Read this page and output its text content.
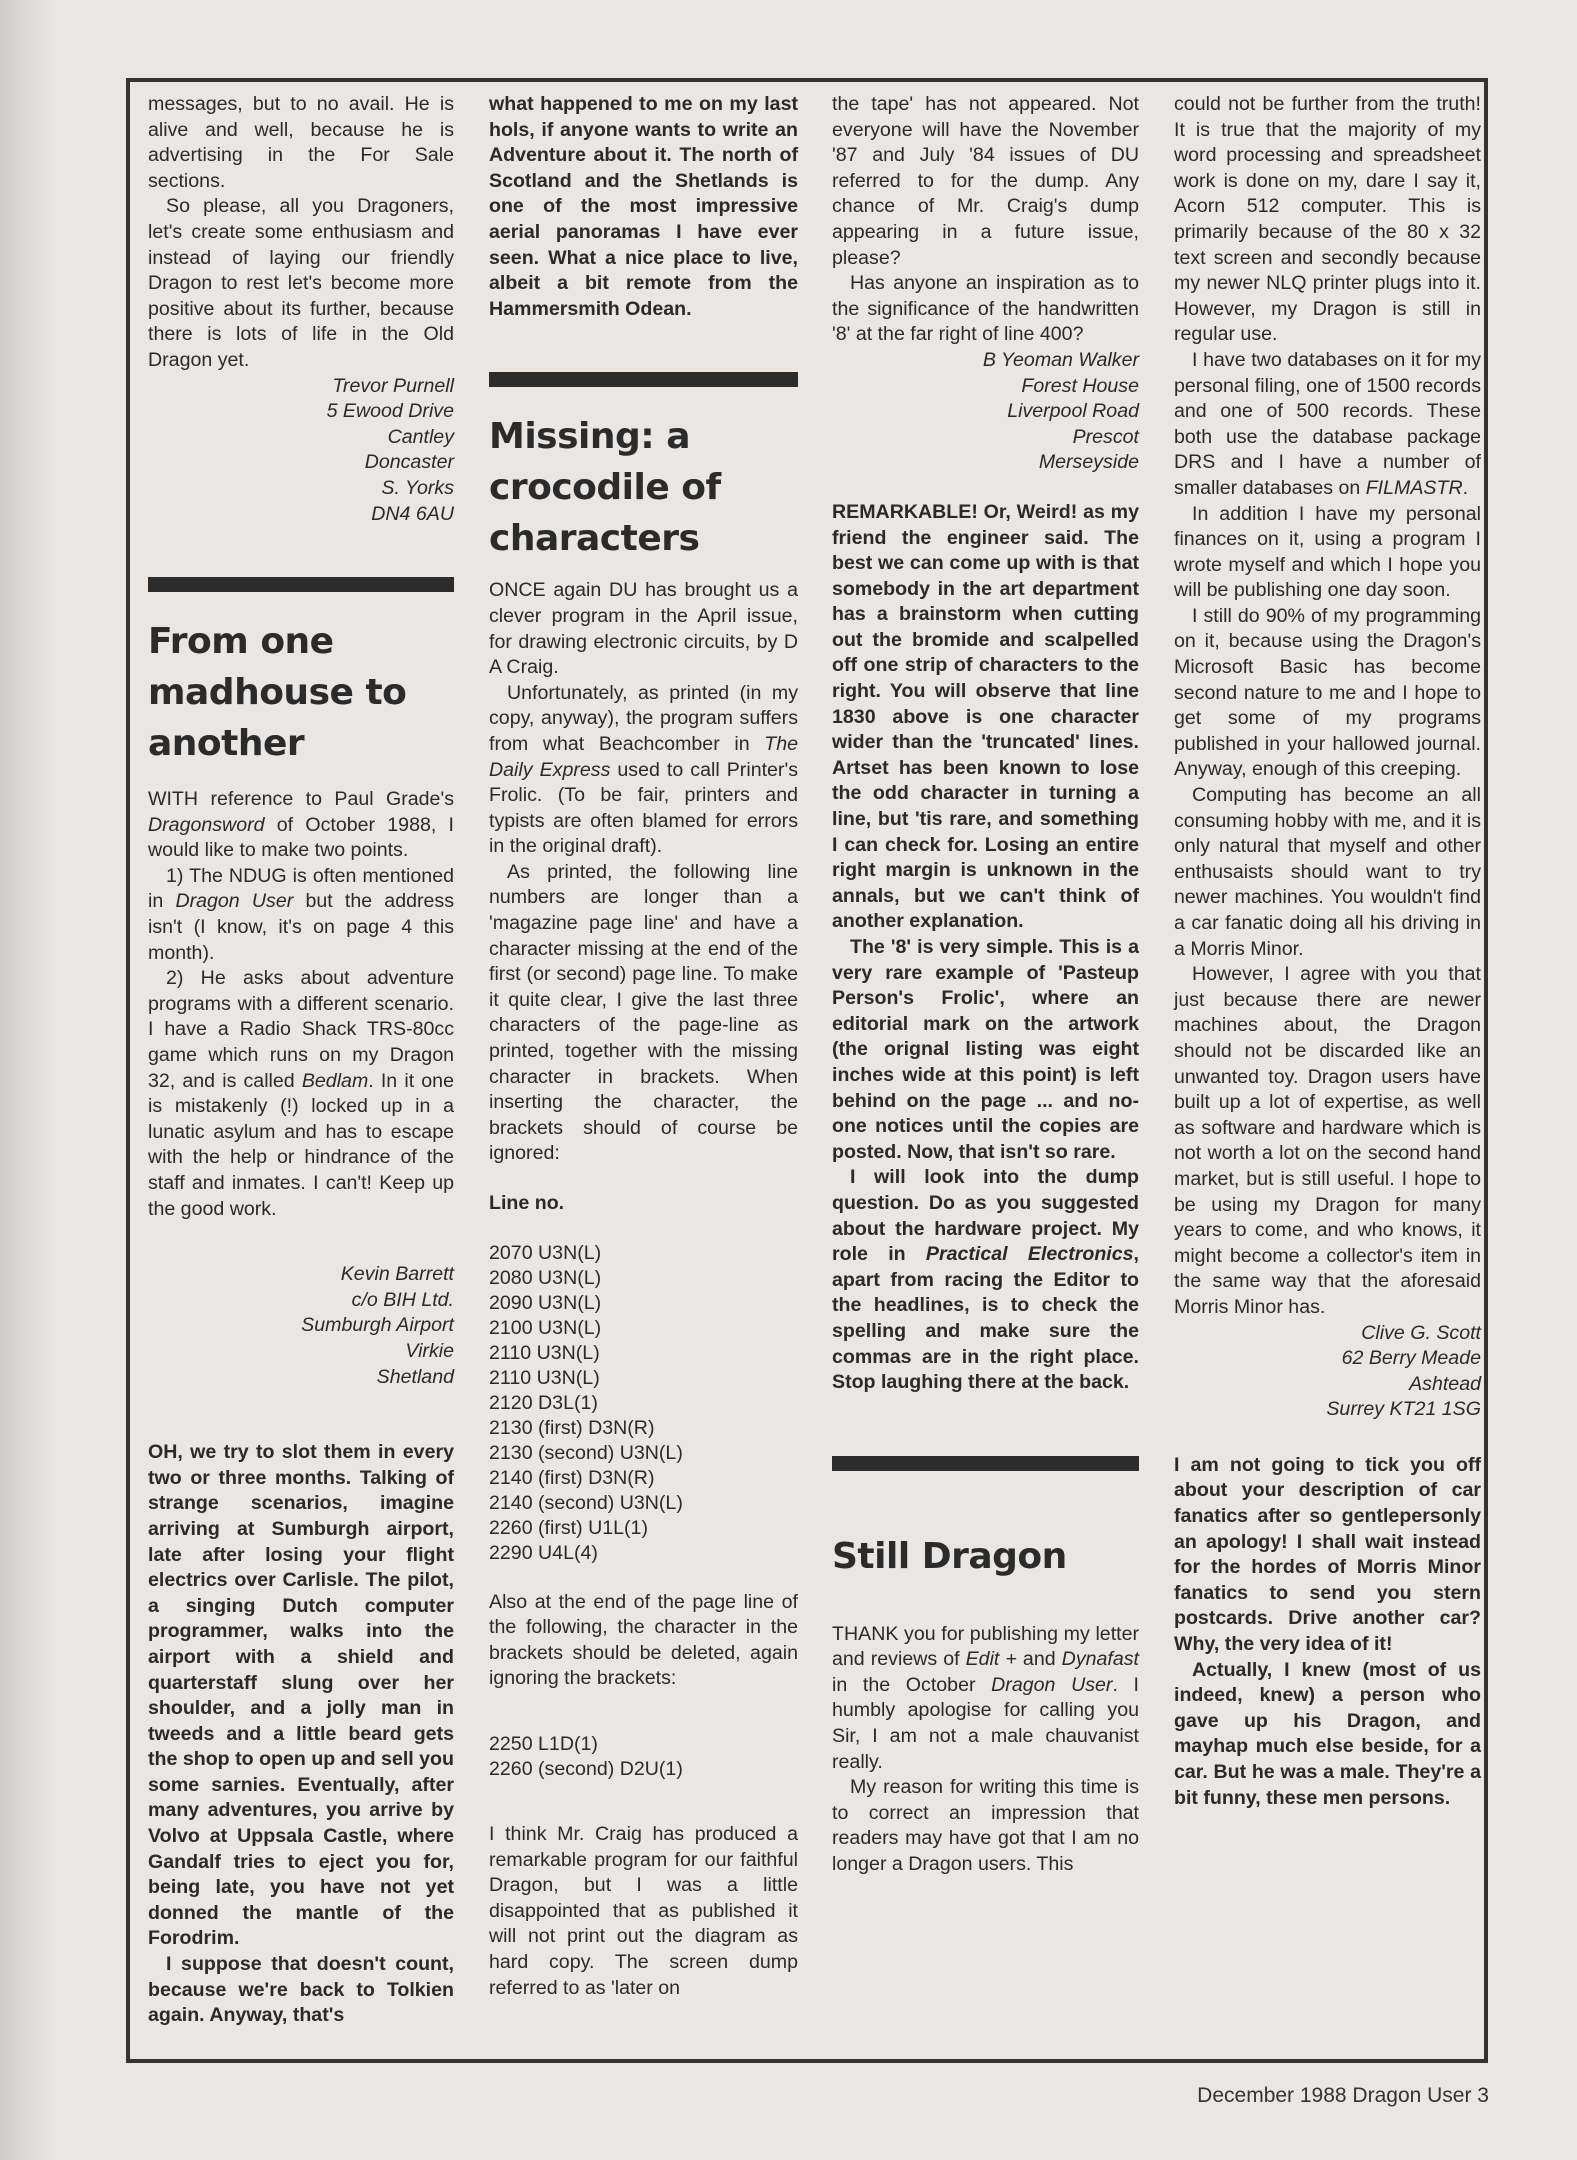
messages, but to no avail. He is alive and well, because he is advertising in the For Sale sections.

So please, all you Dragoners, let's create some enthusiasm and instead of laying our friendly Dragon to rest let's become more positive about its further, because there is lots of life in the Old Dragon yet.

Trevor Purnell
5 Ewood Drive
Cantley
Doncaster
S. Yorks
DN4 6AU
From one madhouse to another

WITH reference to Paul Grade's Dragonsword of October 1988, I would like to make two points.

1) The NDUG is often mentioned in Dragon User but the address isn't (I know, it's on page 4 this month).

2) He asks about adventure programs with a different scenario. I have a Radio Shack TRS-80cc game which runs on my Dragon 32, and is called Bedlam. In it one is mistakenly (!) locked up in a lunatic asylum and has to escape with the help or hindrance of the staff and inmates. I can't! Keep up the good work.

Kevin Barrett
c/o BIH Ltd.
Sumburgh Airport
Virkie
Shetland

OH, we try to slot them in every two or three months. Talking of strange scenarios, imagine arriving at Sumburgh airport, late after losing your flight electrics over Carlisle. The pilot, a singing Dutch computer programmer, walks into the airport with a shield and quarterstaff slung over her shoulder, and a jolly man in tweeds and a little beard gets the shop to open up and sell you some sarnies. Eventually, after many adventures, you arrive by Volvo at Uppsala Castle, where Gandalf tries to eject you for, being late, you have not yet donned the mantle of the Forodrim.

I suppose that doesn't count, because we're back to Tolkien again. Anyway, that's

what happened to me on my last hols, if anyone wants to write an Adventure about it. The north of Scotland and the Shetlands is one of the most impressive aerial panoramas I have ever seen. What a nice place to live, albeit a bit remote from the Hammersmith Odean.

Missing: a crocodile of characters

ONCE again DU has brought us a clever program in the April issue, for drawing electronic circuits, by D A Craig.

Unfortunately, as printed (in my copy, anyway), the program suffers from what Beachcomber in The Daily Express used to call Printer's Frolic. (To be fair, printers and typists are often blamed for errors in the original draft).

As printed, the following line numbers are longer than a 'magazine page line' and have a character missing at the end of the first (or second) page line. To make it quite clear, I give the last three characters of the page-line as printed, together with the missing character in brackets. When inserting the character, the brackets should of course be ignored:

Line no.
2070 U3N(L)
2080 U3N(L)
2090 U3N(L)
2100 U3N(L)
2110 U3N(L)
2110 U3N(L)
2120 D3L(1)
2130 (first) D3N(R)
2130 (second) U3N(L)
2140 (first) D3N(R)
2140 (second) U3N(L)
2260 (first) U1L(1)
2290 U4L(4)

Also at the end of the page line of the following, the character in the brackets should be deleted, again ignoring the brackets:

2250 L1D(1)
2260 (second) D2U(1)

I think Mr. Craig has produced a remarkable program for our faithful Dragon, but I was a little disappointed that as published it will not print out the diagram as hard copy. The screen dump referred to as 'later on

the tape' has not appeared. Not everyone will have the November '87 and July '84 issues of DU referred to for the dump. Any chance of Mr. Craig's dump appearing in a future issue, please?

Has anyone an inspiration as to the significance of the handwritten '8' at the far right of line 400?

B Yeoman Walker
Forest House
Liverpool Road
Prescot
Merseyside

REMARKABLE! Or, Weird! as my friend the engineer said. The best we can come up with is that somebody in the art department has a brainstorm when cutting out the bromide and scalpelled off one strip of characters to the right. You will observe that line 1830 above is one character wider than the 'truncated' lines. Artset has been known to lose the odd character in turning a line, but 'tis rare, and something I can check for. Losing an entire right margin is unknown in the annals, but we can't think of another explanation.

The '8' is very simple. This is a very rare example of 'Pasteup Person's Frolic', where an editorial mark on the artwork (the orignal listing was eight inches wide at this point) is left behind on the page ... and no-one notices until the copies are posted. Now, that isn't so rare.

I will look into the dump question. Do as you suggested about the hardware project. My role in Practical Electronics, apart from racing the Editor to the headlines, is to check the spelling and make sure the commas are in the right place. Stop laughing there at the back.

Still Dragon

THANK you for publishing my letter and reviews of Edit + and Dynafast in the October Dragon User. I humbly apologise for calling you Sir, I am not a male chauvanist really.

My reason for writing this time is to correct an impression that readers may have got that I am no longer a Dragon users. This

could not be further from the truth! It is true that the majority of my word processing and spreadsheet work is done on my, dare I say it, Acorn 512 computer. This is primarily because of the 80 x 32 text screen and secondly because my newer NLQ printer plugs into it. However, my Dragon is still in regular use.

I have two databases on it for my personal filing, one of 1500 records and one of 500 records. These both use the database package DRS and I have a number of smaller databases on FILMASTR.

In addition I have my personal finances on it, using a program I wrote myself and which I hope you will be publishing one day soon.

I still do 90% of my programming on it, because using the Dragon's Microsoft Basic has become second nature to me and I hope to get some of my programs published in your hallowed journal. Anyway, enough of this creeping.

Computing has become an all consuming hobby with me, and it is only natural that myself and other enthusaists should want to try newer machines. You wouldn't find a car fanatic doing all his driving in a Morris Minor.

However, I agree with you that just because there are newer machines about, the Dragon should not be discarded like an unwanted toy. Dragon users have built up a lot of expertise, as well as software and hardware which is not worth a lot on the second hand market, but is still useful. I hope to be using my Dragon for many years to come, and who knows, it might become a collector's item in the same way that the aforesaid Morris Minor has.

Clive G. Scott
62 Berry Meade
Ashtead
Surrey KT21 1SG

I am not going to tick you off about your description of car fanatics after so gentlepersonly an apology! I shall wait instead for the hordes of Morris Minor fanatics to send you stern postcards. Drive another car? Why, the very idea of it!

Actually, I knew (most of us indeed, knew) a person who gave up his Dragon, and mayhap much else beside, for a car. But he was a male. They're a bit funny, these men persons.

December 1988 Dragon User 3
